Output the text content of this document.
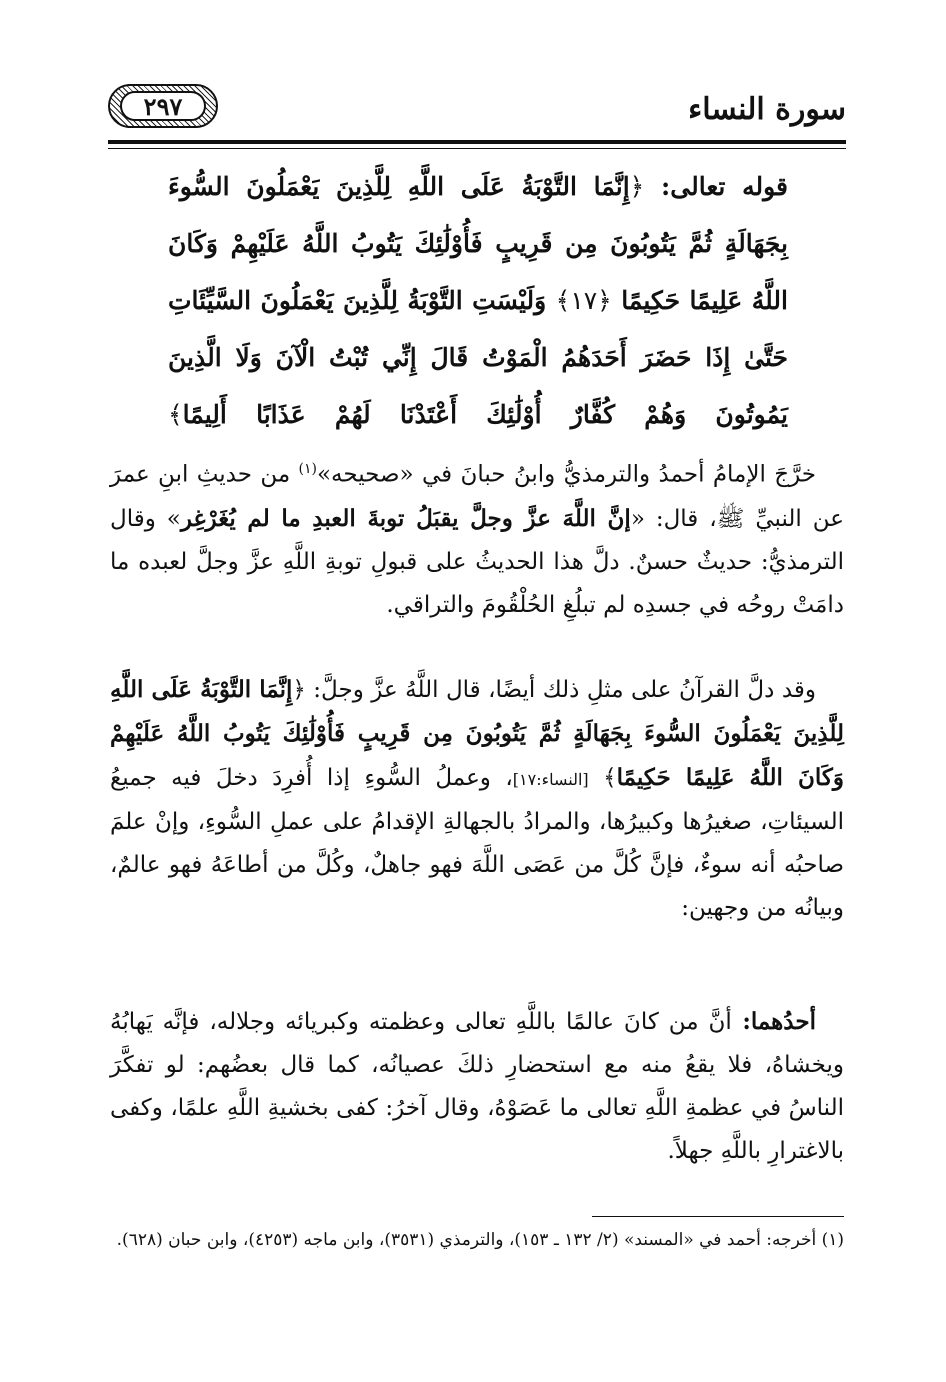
سورة النساء
٢٩٧

قوله تعالى: ﴿إِنَّمَا التَّوْبَةُ عَلَى اللَّهِ لِلَّذِينَ يَعْمَلُونَ السُّوءَ بِجَهَالَةٍ ثُمَّ يَتُوبُونَ مِن قَرِيبٍ فَأُوْلَٰئِكَ يَتُوبُ اللَّهُ عَلَيْهِمْ وَكَانَ اللَّهُ عَلِيمًا حَكِيمًا ﴿١٧﴾ وَلَيْسَتِ التَّوْبَةُ لِلَّذِينَ يَعْمَلُونَ السَّيِّئَاتِ حَتَّىٰ إِذَا حَضَرَ أَحَدَهُمُ الْمَوْتُ قَالَ إِنِّي تُبْتُ الْآنَ وَلَا الَّذِينَ يَمُوتُونَ وَهُمْ كُفَّارٌ أُوْلَٰئِكَ أَعْتَدْنَا لَهُمْ عَذَابًا أَلِيمًا﴾

خرَّجَ الإمامُ أحمدُ والترمذيُّ وابنُ حبانَ في «صحيحه»$^{(١)}$ من حديثِ ابنِ عمرَ عن النبيِّ ﷺ، قال: «إنَّ اللَّهَ عزَّ وجلَّ يقبَلُ توبةَ العبدِ ما لم يُغَرْغِر» وقال الترمذيُّ: حديثٌ حسنٌ. دلَّ هذا الحديثُ على قبولِ توبةِ اللَّهِ عزَّ وجلَّ لعبده ما دامَتْ روحُه في جسدِه لم تبلُغِ الحُلْقُومَ والتراقي.

وقد دلَّ القرآنُ على مثلِ ذلك أيضًا، قال اللَّهُ عزَّ وجلَّ: ﴿إِنَّمَا التَّوْبَةُ عَلَى اللَّهِ لِلَّذِينَ يَعْمَلُونَ السُّوءَ بِجَهَالَةٍ ثُمَّ يَتُوبُونَ مِن قَرِيبٍ فَأُوْلَٰئِكَ يَتُوبُ اللَّهُ عَلَيْهِمْ وَكَانَ اللَّهُ عَلِيمًا حَكِيمًا﴾ [النساء:١٧]، وعملُ السُّوءِ إذا أُفرِدَ دخلَ فيه جميعُ السيئاتِ، صغيرُها وكبيرُها، والمرادُ بالجهالةِ الإقدامُ على عملِ السُّوءِ، وإنْ علمَ صاحبُه أنه سوءٌ، فإنَّ كُلَّ من عَصَى اللَّهَ فهو جاهلٌ، وكُلَّ من أطاعَهُ فهو عالمٌ، وبيانُه من وجهين:

أحدُهما: أنَّ من كانَ عالمًا باللَّهِ تعالى وعظمته وكبريائه وجلاله، فإنَّه يَهابُهُ ويخشاهُ، فلا يقعُ منه مع استحضارِ ذلكَ عصيانُه، كما قال بعضُهم: لو تفكَّرَ الناسُ في عظمةِ اللَّهِ تعالى ما عَصَوْهُ، وقال آخرُ: كفى بخشيةِ اللَّهِ علمًا، وكفى بالاغترارِ باللَّهِ جهلاً.

(١) أخرجه: أحمد في «المسند» (٢/ ١٣٢ ـ ١٥٣)، والترمذي (٣٥٣١)، وابن ماجه (٤٢٥٣)، وابن حبان (٦٢٨).
